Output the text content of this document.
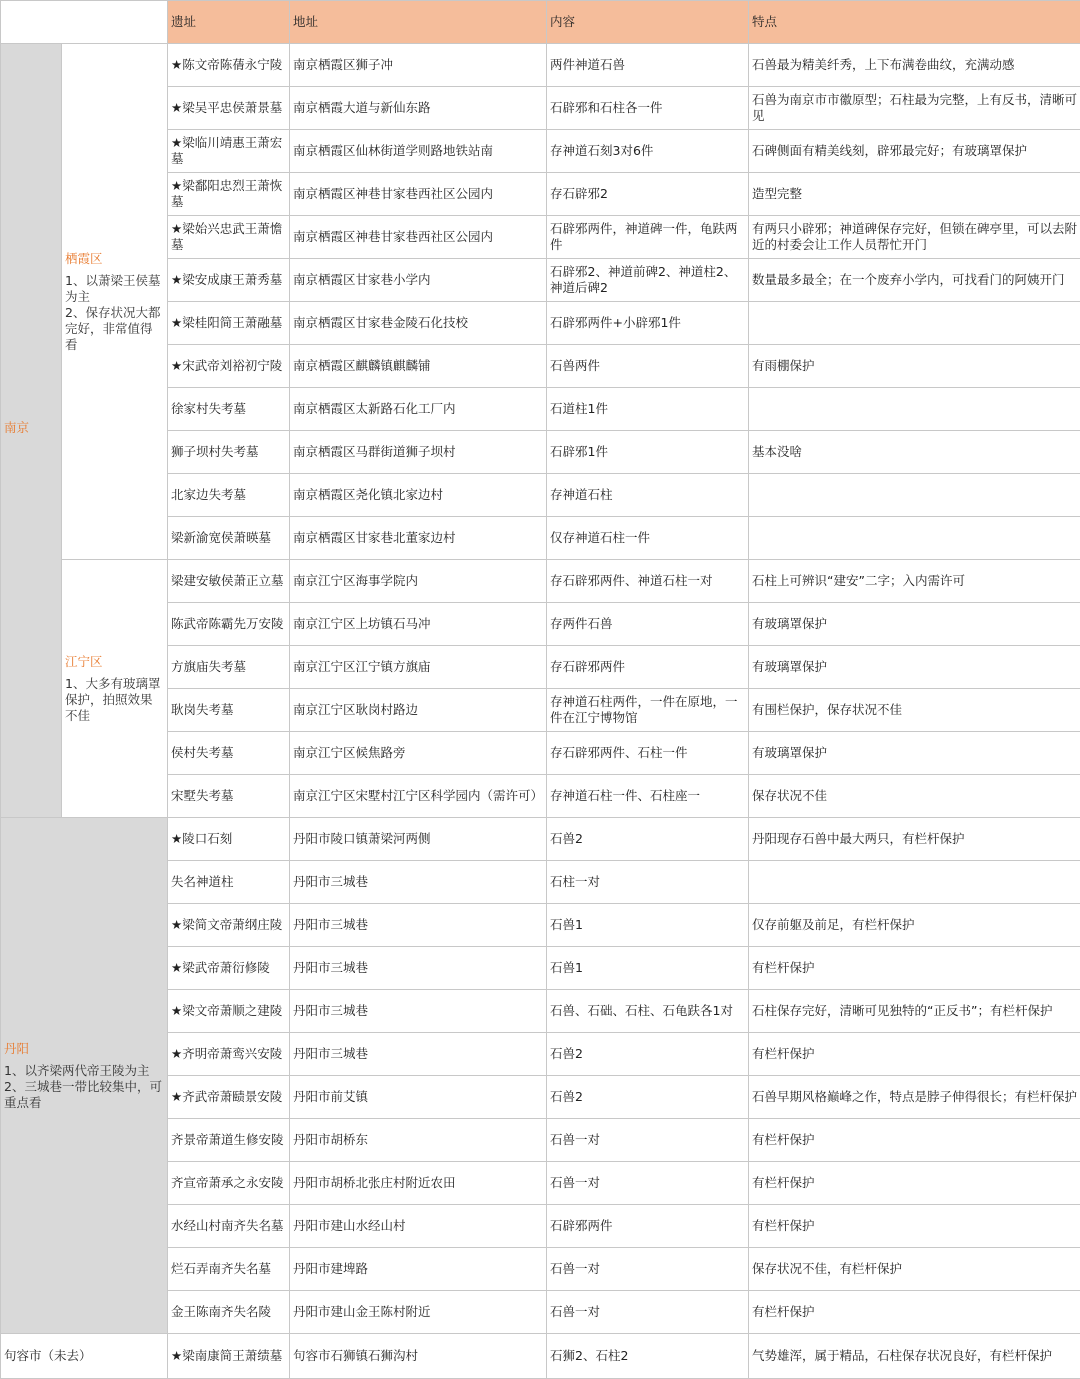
		遗址	地址	内容	特点

南京	栖霞区
1、以萧梁王侯墓为主
2、保存状况大都完好，非常值得看	★陈文帝陈蒨永宁陵	南京栖霞区狮子冲	两件神道石兽	石兽最为精美纤秀，上下布满卷曲纹，充满动感
		★梁吴平忠侯萧景墓	南京栖霞大道与新仙东路	石辟邪和石柱各一件	石兽为南京市市徽原型；石柱最为完整，上有反书，清晰可见
		★梁临川靖惠王萧宏墓	南京栖霞区仙林街道学则路地铁站南	存神道石刻3对6件	石碑侧面有精美线刻，辟邪最完好；有玻璃罩保护
		★梁鄱阳忠烈王萧恢墓	南京栖霞区神巷甘家巷西社区公园内	存石辟邪2	造型完整
		★梁始兴忠武王萧憺墓	南京栖霞区神巷甘家巷西社区公园内	石辟邪两件，神道碑一件，龟趺两件	有两只小辟邪；神道碑保存完好，但锁在碑亭里，可以去附近的村委会让工作人员帮忙开门
		★梁安成康王萧秀墓	南京栖霞区甘家巷小学内	石辟邪2、神道前碑2、神道柱2、神道后碑2	数量最多最全；在一个废弃小学内，可找看门的阿姨开门
		★梁桂阳简王萧融墓	南京栖霞区甘家巷金陵石化技校	石辟邪两件+小辟邪1件	
		★宋武帝刘裕初宁陵	南京栖霞区麒麟镇麒麟铺	石兽两件	有雨棚保护
		徐家村失考墓	南京栖霞区太新路石化工厂内	石道柱1件	
		狮子坝村失考墓	南京栖霞区马群街道狮子坝村	石辟邪1件	基本没啥
		北家边失考墓	南京栖霞区尧化镇北家边村	存神道石柱	
		梁新渝宽侯萧暎墓	南京栖霞区甘家巷北董家边村	仅存神道石柱一件	

	江宁区
1、大多有玻璃罩保护，拍照效果不佳	梁建安敏侯萧正立墓	南京江宁区海事学院内	存石辟邪两件、神道石柱一对	石柱上可辨识“建安”二字；入内需许可
		陈武帝陈霸先万安陵	南京江宁区上坊镇石马冲	存两件石兽	有玻璃罩保护
		方旗庙失考墓	南京江宁区江宁镇方旗庙	存石辟邪两件	有玻璃罩保护
		耿岗失考墓	南京江宁区耿岗村路边	存神道石柱两件，一件在原地，一件在江宁博物馆	有围栏保护，保存状况不佳
		侯村失考墓	南京江宁区候焦路旁	存石辟邪两件、石柱一件	有玻璃罩保护
		宋墅失考墓	南京江宁区宋墅村江宁区科学园内（需许可）	存神道石柱一件、石柱座一	保存状况不佳

丹阳
1、以齐梁两代帝王陵为主
2、三城巷一带比较集中，可重点看		★陵口石刻	丹阳市陵口镇萧梁河两侧	石兽2	丹阳现存石兽中最大两只，有栏杆保护
		失名神道柱	丹阳市三城巷	石柱一对	
		★梁简文帝萧纲庄陵	丹阳市三城巷	石兽1	仅存前躯及前足，有栏杆保护
		★梁武帝萧衍修陵	丹阳市三城巷	石兽1	有栏杆保护
		★梁文帝萧顺之建陵	丹阳市三城巷	石兽、石础、石柱、石龟趺各1对	石柱保存完好，清晰可见独特的“正反书”；有栏杆保护
		★齐明帝萧鸾兴安陵	丹阳市三城巷	石兽2	有栏杆保护
		★齐武帝萧赜景安陵	丹阳市前艾镇	石兽2	石兽早期风格巅峰之作，特点是脖子伸得很长；有栏杆保护
		齐景帝萧道生修安陵	丹阳市胡桥东	石兽一对	有栏杆保护
		齐宣帝萧承之永安陵	丹阳市胡桥北张庄村附近农田	石兽一对	有栏杆保护
		水经山村南齐失名墓	丹阳市建山水经山村	石辟邪两件	有栏杆保护
		烂石弄南齐失名墓	丹阳市建埤路	石兽一对	保存状况不佳，有栏杆保护
		金王陈南齐失名陵	丹阳市建山金王陈村附近	石兽一对	有栏杆保护
句容市（未去）		★梁南康简王萧绩墓	句容市石狮镇石狮沟村	石狮2、石柱2	气势雄浑，属于精品，石柱保存状况良好，有栏杆保护
